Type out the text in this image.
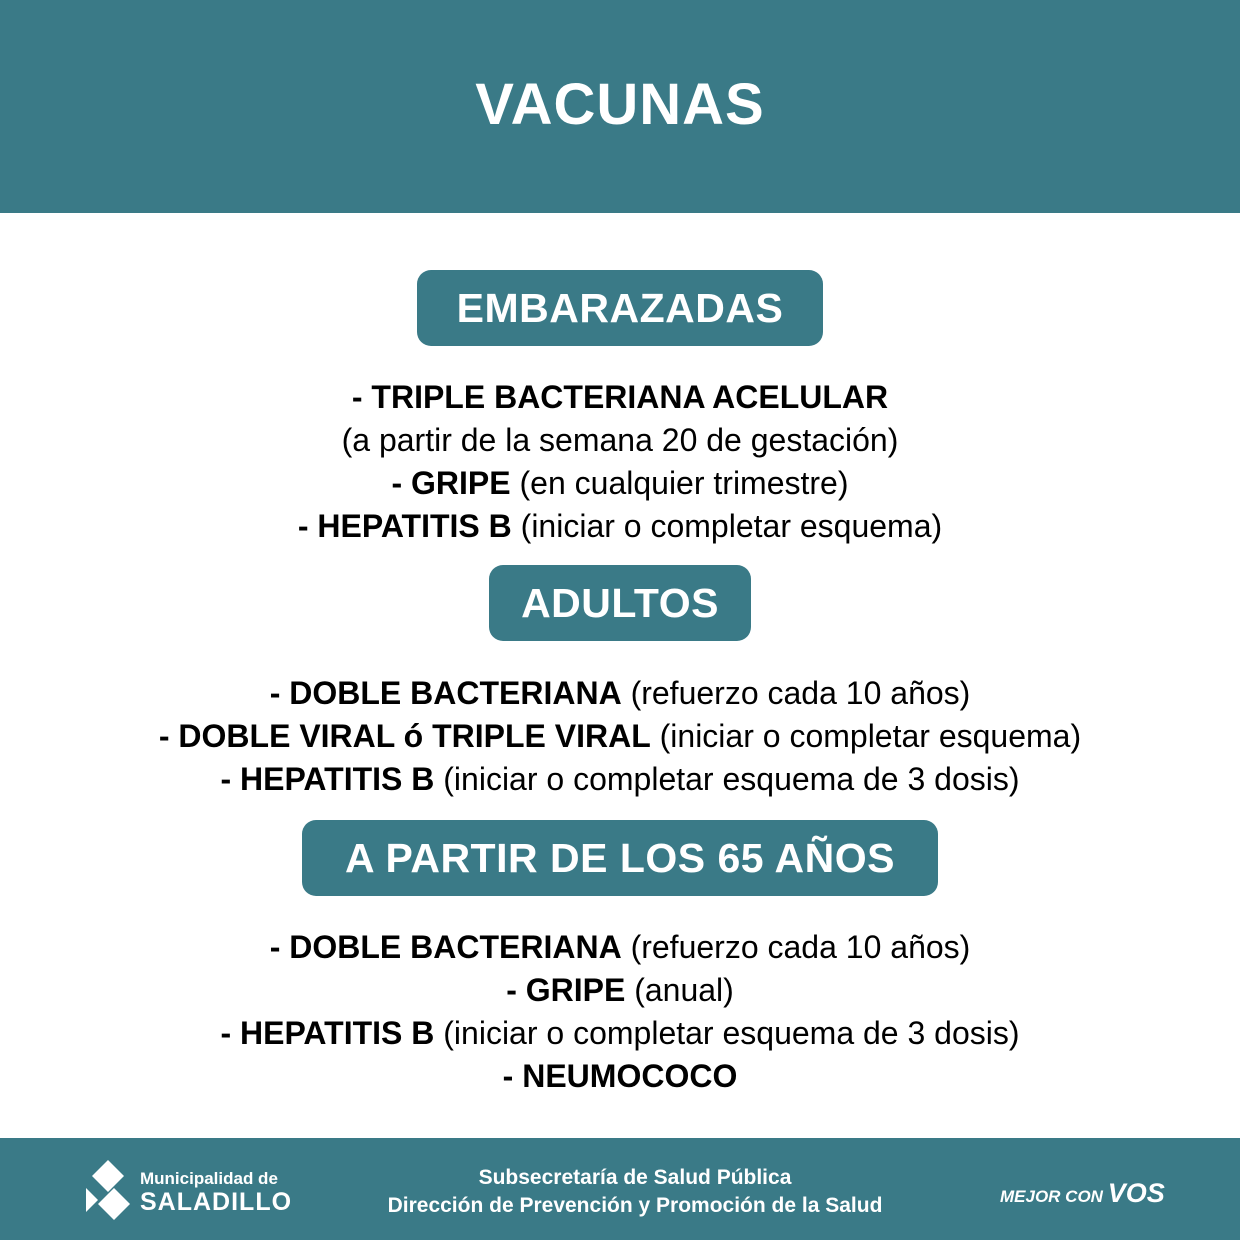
VACUNAS
EMBARAZADAS
- TRIPLE BACTERIANA ACELULAR
(a partir de la semana 20 de gestación)
- GRIPE (en cualquier trimestre)
- HEPATITIS B (iniciar o completar esquema)
ADULTOS
- DOBLE BACTERIANA (refuerzo cada 10 años)
- DOBLE VIRAL ó TRIPLE VIRAL (iniciar o completar esquema)
- HEPATITIS B (iniciar o completar esquema de 3 dosis)
A PARTIR DE LOS 65 AÑOS
- DOBLE BACTERIANA (refuerzo cada 10 años)
- GRIPE (anual)
- HEPATITIS B (iniciar o completar esquema de 3 dosis)
- NEUMOCOCO
Municipalidad de
SALADILLO
Subsecretaría de Salud Pública
Dirección de Prevención y Promoción de la Salud	MEJOR CON VOS
